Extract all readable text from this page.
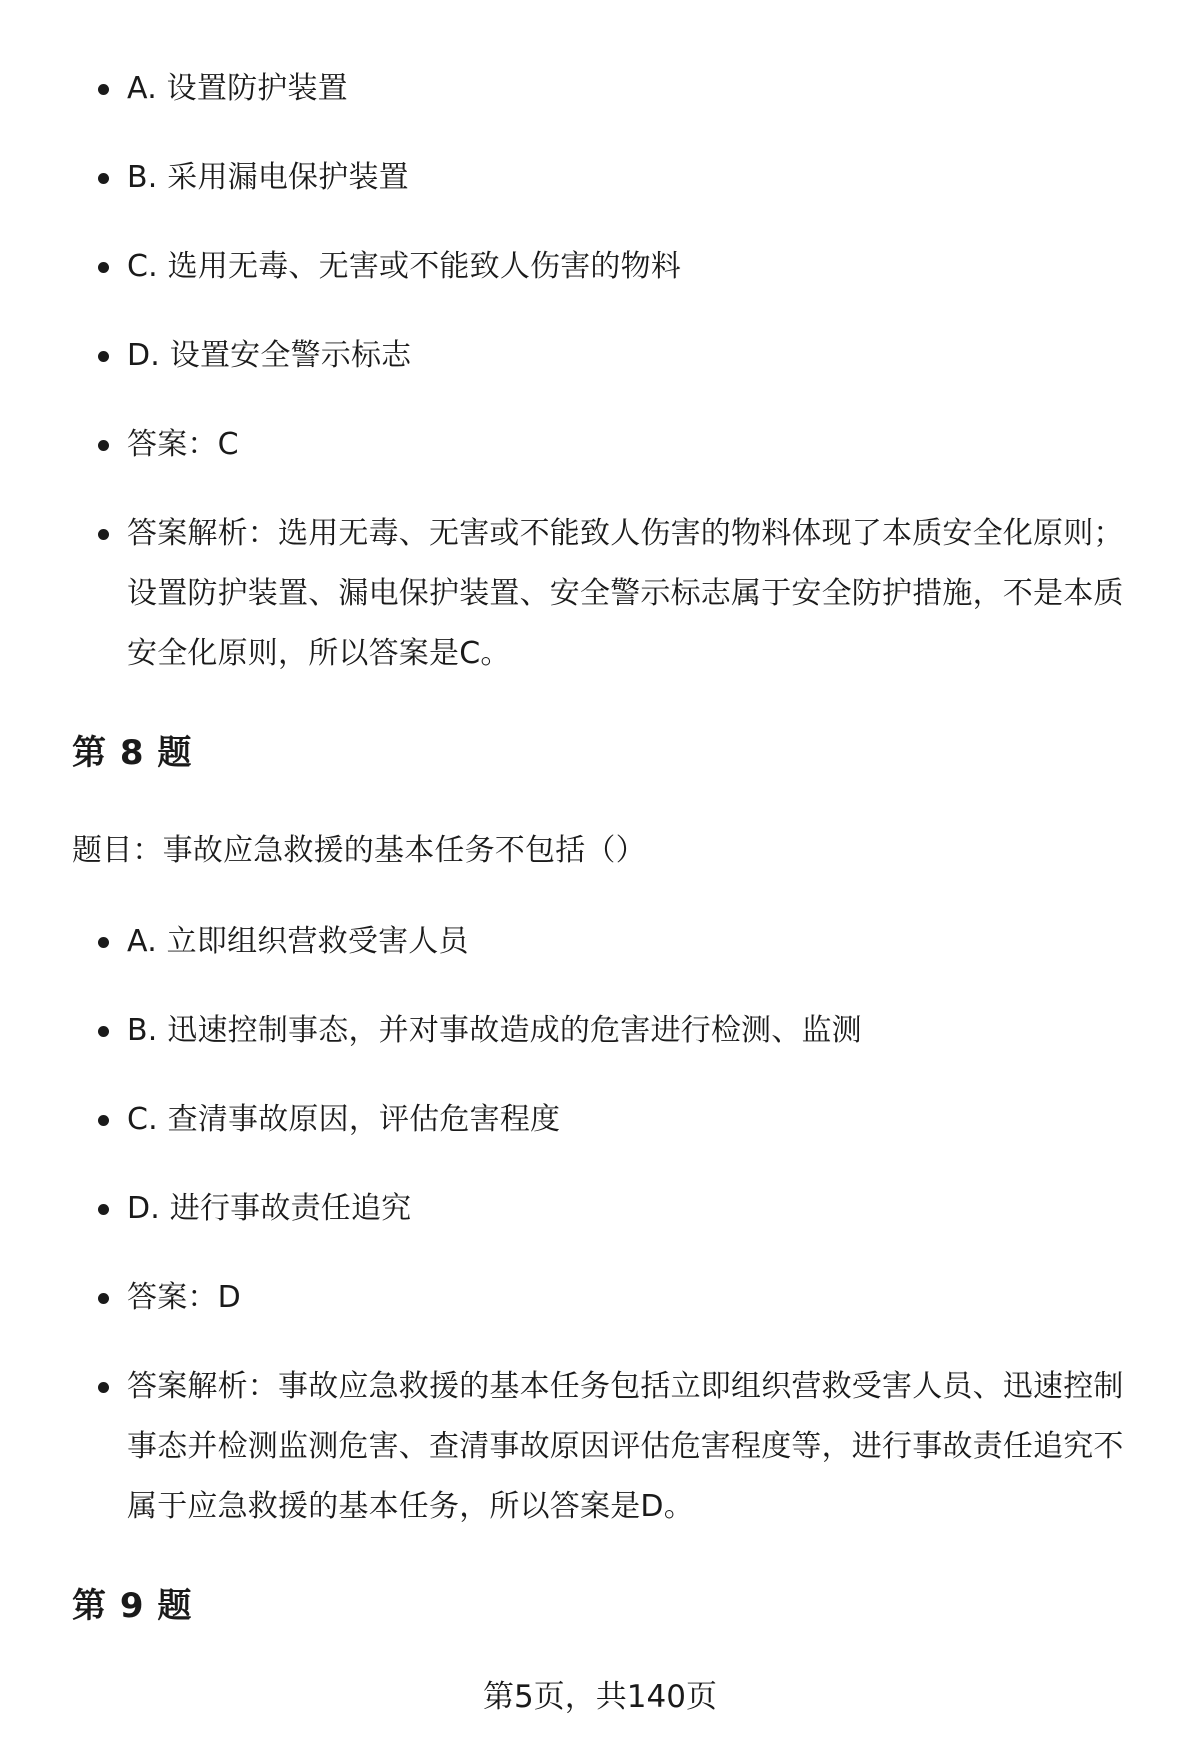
A. 设置防护装置
B. 采用漏电保护装置
C. 选用无毒、无害或不能致人伤害的物料
D. 设置安全警示标志
答案：C
答案解析：选用无毒、无害或不能致人伤害的物料体现了本质安全化原则；设置防护装置、漏电保护装置、安全警示标志属于安全防护措施，不是本质安全化原则，所以答案是C。
第 8 题
题目：事故应急救援的基本任务不包括（）
A. 立即组织营救受害人员
B. 迅速控制事态，并对事故造成的危害进行检测、监测
C. 查清事故原因，评估危害程度
D. 进行事故责任追究
答案：D
答案解析：事故应急救援的基本任务包括立即组织营救受害人员、迅速控制事态并检测监测危害、查清事故原因评估危害程度等，进行事故责任追究不属于应急救援的基本任务，所以答案是D。
第 9 题
第5页，共140页
